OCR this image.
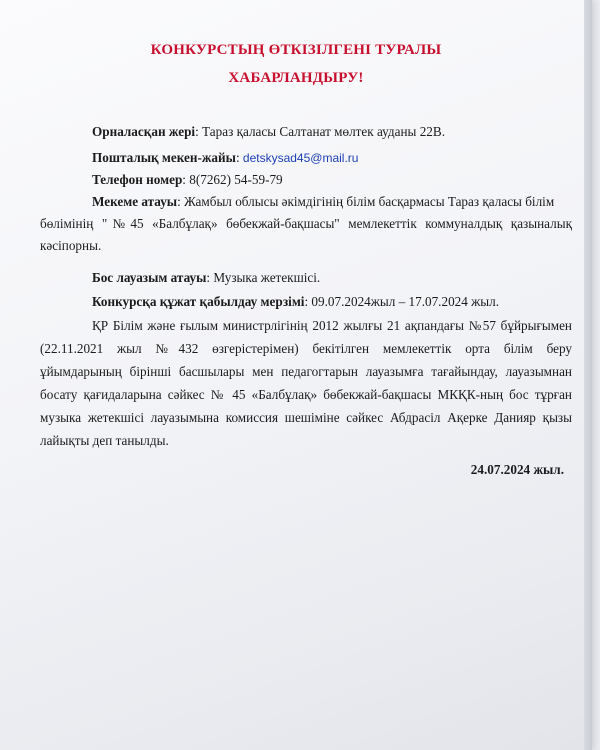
КОНКУРСТЫҢ ӨТКІЗІЛГЕНІ ТУРАЛЫ
ХАБАРЛАНДЫРУ!
Орналасқан жері: Тараз қаласы Салтанат мөлтек ауданы 22В.
Пошталық мекен-жайы: detskysad45@mail.ru
Телефон номер: 8(7262) 54-59-79
Мекеме атауы: Жамбыл облысы әкімдігінің білім басқармасы Тараз қаласы білім
бөлімінің "№45 «Балбұлақ» бөбекжай-бақшасы" мемлекеттік коммуналдық қазыналық
кәсіпорны.
Бос лауазым атауы: Музыка жетекшісі.
Конкурсқа құжат қабылдау мерзімі: 09.07.2024жыл – 17.07.2024 жыл.
ҚР Білім және ғылым министрлігінің 2012 жылғы 21 ақпандағы №57 бұйрығымен
(22.11.2021 жыл №432 өзгерістерімен) бекітілген мемлекеттік орта білім беру
ұйымдарының бірінші басшылары мен педагогтарын лауазымға тағайындау, лауазымнан
босату қағидаларына сәйкес № 45 «Балбұлақ» бөбекжай-бақшасы МКҚК-ның бос тұрған
музыка жетекшісі лауазымына комиссия шешіміне сәйкес Абдрасіл Ақерке Данияр қызы
лайықты деп танылды.
24.07.2024 жыл.
